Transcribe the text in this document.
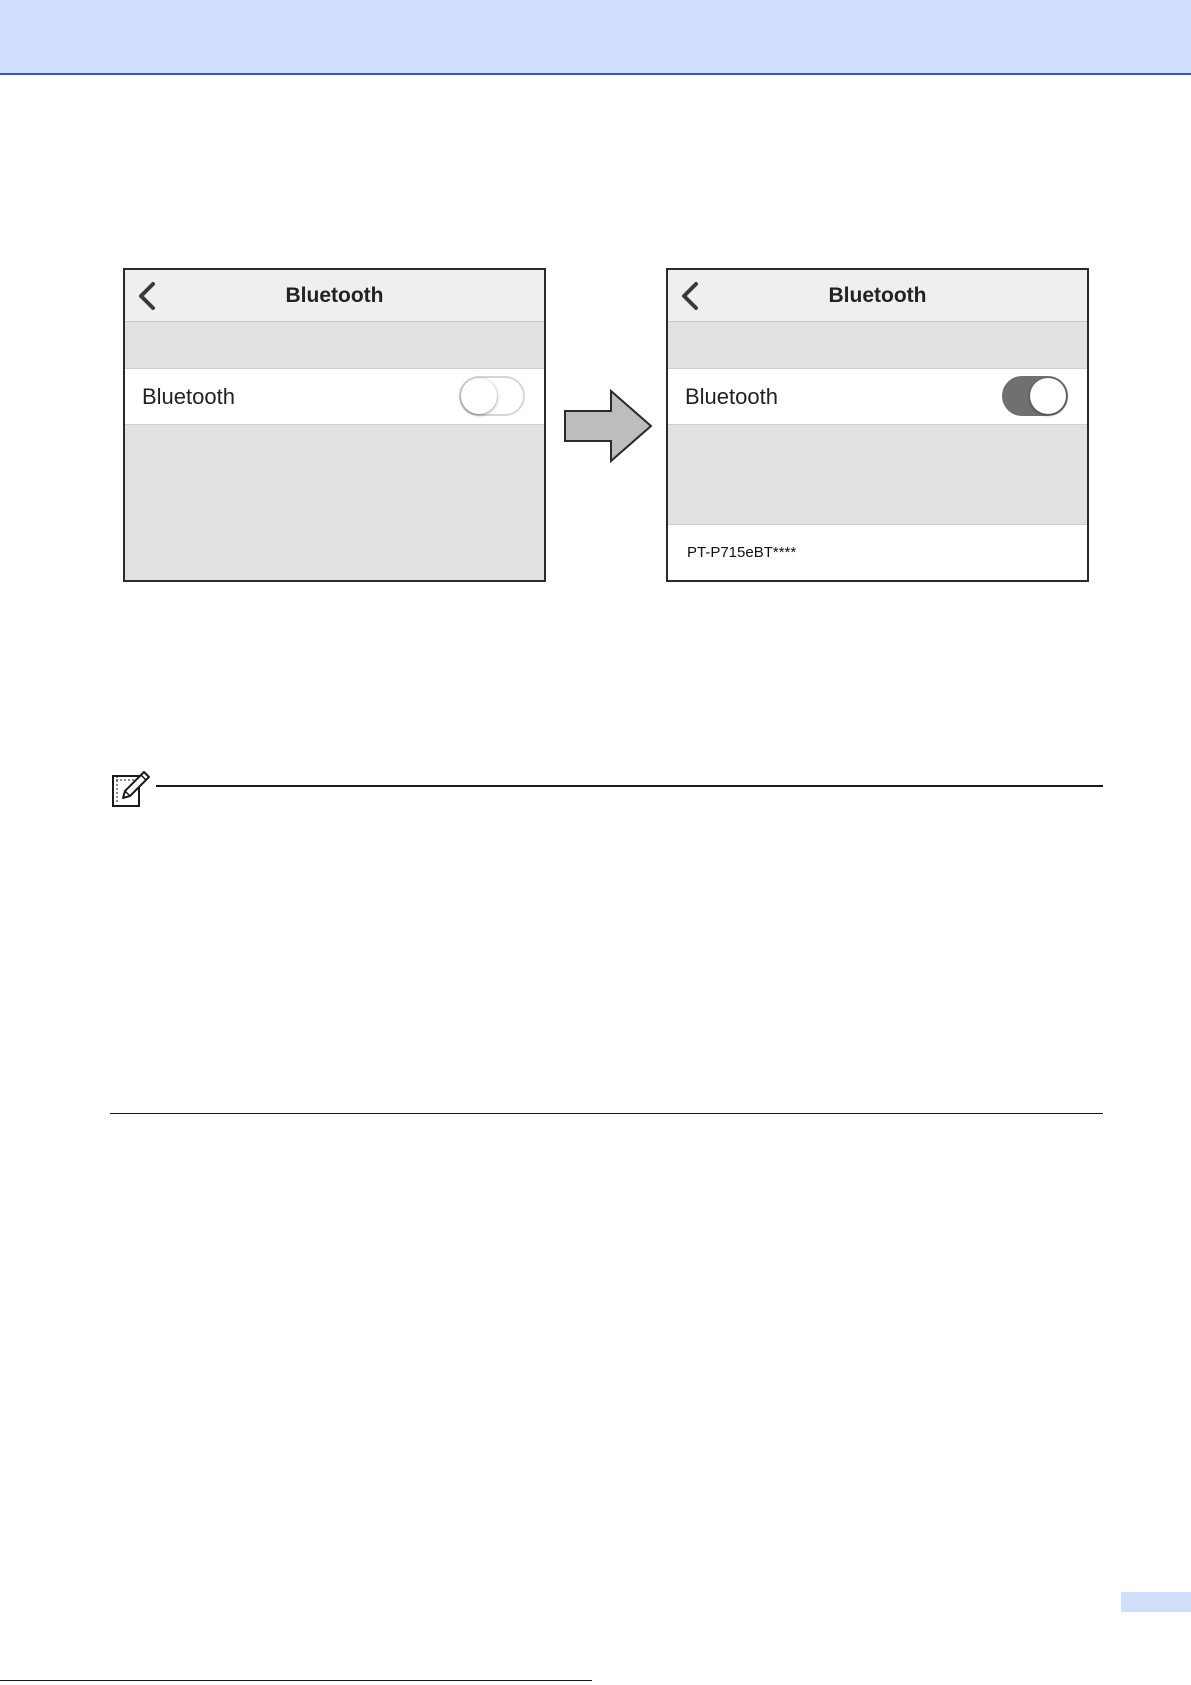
Bluetooth
Bluetooth
Bluetooth
Bluetooth
PT-P715eBT****
